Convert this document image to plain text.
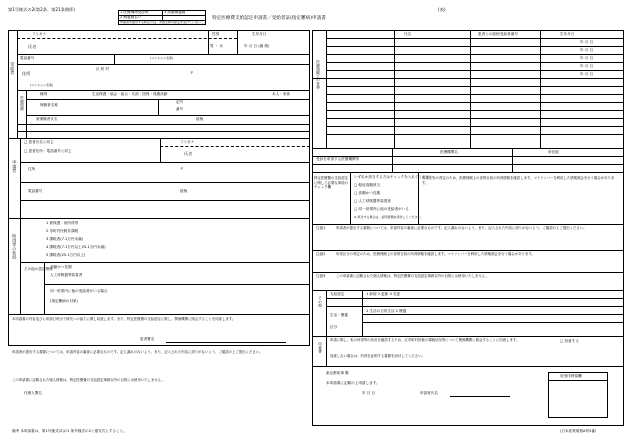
第1号様式の2(第2条、第21条関係)	(表)
1 医療機関受診時	3 高額療養費
2 療養費払い
申請書を提出する時点では、実施主体の認定を受けていないこと
特定医療費支給認定申請書／受給者証(指定難病)申請書
受給者
フリガナ
氏名
性別
男 ・ 女
生年月日
年 月 日 (満 歳)
電話番号	(マンション名等)
住所
区 町 村
〒
(マンション名等)
医療保険
種別	生活保護・協会・組合・共済・国保・後期高齢	本人・家族
保険者名称
記号
番号
被保険者氏名	続柄
申請者
□ 患者氏名と同じ	フリガナ
□ 患者住所・電話番号と同じ	氏名
住所	〒
電話番号	続柄
所得等の状況
1 被保護・低所得等
2 市町村民税非課税
3 課税者(7.1万円未満)
4 課税者(7.1万円以上25.1万円未満)
5 課税者(25.1万円以上)
その他の認定関係
高額かつ長期
人工呼吸器等装着者
同一世帯内に他の受給者がいる場合
(指定難病の対象)
本申請書の内容並びに申請日時点で研究への協力に関し同意します。また、特定医療費の支給認定に際し、関係機関に照会することを同意します。
患者署名
申請者が提出する書類については、申請内容の審査に必要なものです。記入漏れのないよう、また、記入された内容に誤りがないよう、ご確認の上ご提出ください。
代理人署名
この申請書に記載された個人情報は、特定医療費の支給認定事務以外の目的には使用いたしません。
受給者番号
医療保険上の世帯
氏名	患者との続柄	生年月日
年 月 日
年 月 日
年 月 日
年 月 日
年 月 日
医療機関名	所在地
受診を希望する医療機関等
特定医療費の支給認定に関して必要な事項のチェック欄
いずれか該当する方はチェックを入れてください。
□ 軽症高額該当
□ 高額かつ長期
□ 人工呼吸器等装着者
□ 同一世帯内に他の受給者がいる
所得区分の判定のため、医療保険上の世帯全員の所得情報を確認します。マイナンバーを利用した情報照会を行う場合があります。
※ 該当する場合は、証明書類を添付してください。
注意1	申請者が提出する書類については、申請内容の審査に必要なものです。記入漏れのないよう、また、記入された内容に誤りがないよう、ご確認の上ご提出ください。
注意2	所得区分の判定のため、医療保険上の世帯全員の所得情報を確認します。マイナンバーを利用した情報照会を行う場合があります。
注意3	この申請書に記載された個人情報は、特定医療費の支給認定事務以外の目的には使用いたしません。
その他
支給認定	1 新規 2 更新 3 変更
生活・療養
1 生活の日常生活 2 療養
区分
同意書
申請に際し、私の所得等の状況を確認するため、区市町村民税の課税状況等について関係機関に照会することに同意します。	□ 同意する
同意しない場合は、所得を証明する書類を添付してください。
東京都知事 殿
本申請書に記載の上申請します。
年 月 日	申請者氏名
収受印押捺欄
備考 本申請書は、第1号様式(2)の1 第号様式の2と複写式とすること。	(日本産業規格A列3番)
